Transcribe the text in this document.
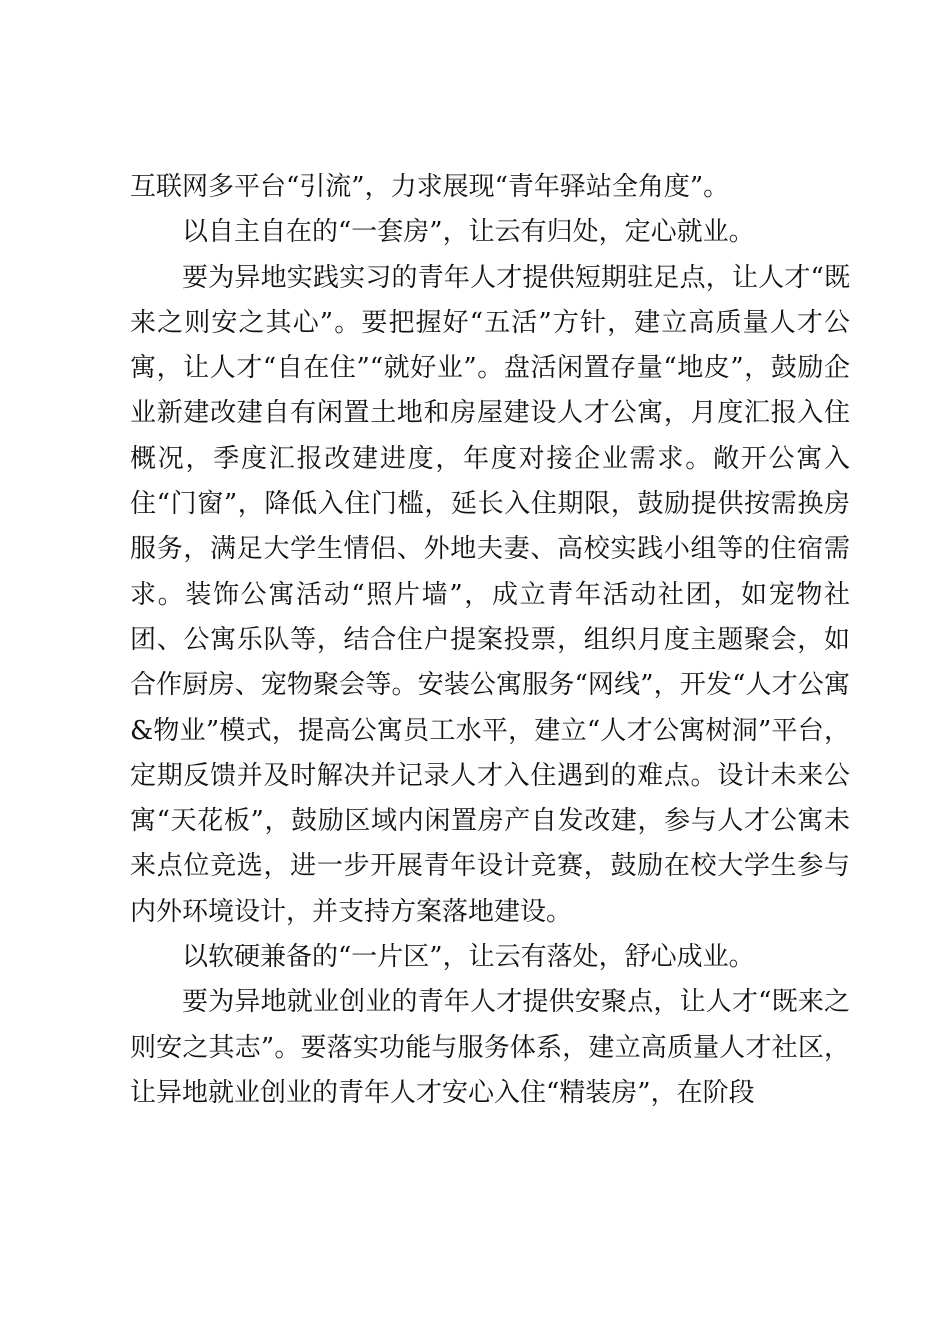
互联网多平台“引流”，力求展现“青年驿站全角度”。

以自主自在的“一套房”，让云有归处，定心就业。

要为异地实践实习的青年人才提供短期驻足点，让人才“既来之则安之其心”。要把握好“五活”方针，建立高质量人才公寓，让人才“自在住”“就好业”。盘活闲置存量“地皮”，鼓励企业新建改建自有闲置土地和房屋建设人才公寓，月度汇报入住概况，季度汇报改建进度，年度对接企业需求。敞开公寓入住“门窗”，降低入住门槛，延长入住期限，鼓励提供按需换房服务，满足大学生情侣、外地夫妻、高校实践小组等的住宿需求。装饰公寓活动“照片墙”，成立青年活动社团，如宠物社团、公寓乐队等，结合住户提案投票，组织月度主题聚会，如合作厨房、宠物聚会等。安装公寓服务“网线”，开发“人才公寓&物业”模式，提高公寓员工水平，建立“人才公寓树洞”平台，定期反馈并及时解决并记录人才入住遇到的难点。设计未来公寓“天花板”，鼓励区域内闲置房产自发改建，参与人才公寓未来点位竞选，进一步开展青年设计竞赛，鼓励在校大学生参与内外环境设计，并支持方案落地建设。

以软硬兼备的“一片区”，让云有落处，舒心成业。

要为异地就业创业的青年人才提供安聚点，让人才“既来之则安之其志”。要落实功能与服务体系，建立高质量人才社区，让异地就业创业的青年人才安心入住“精装房”，在阶段
